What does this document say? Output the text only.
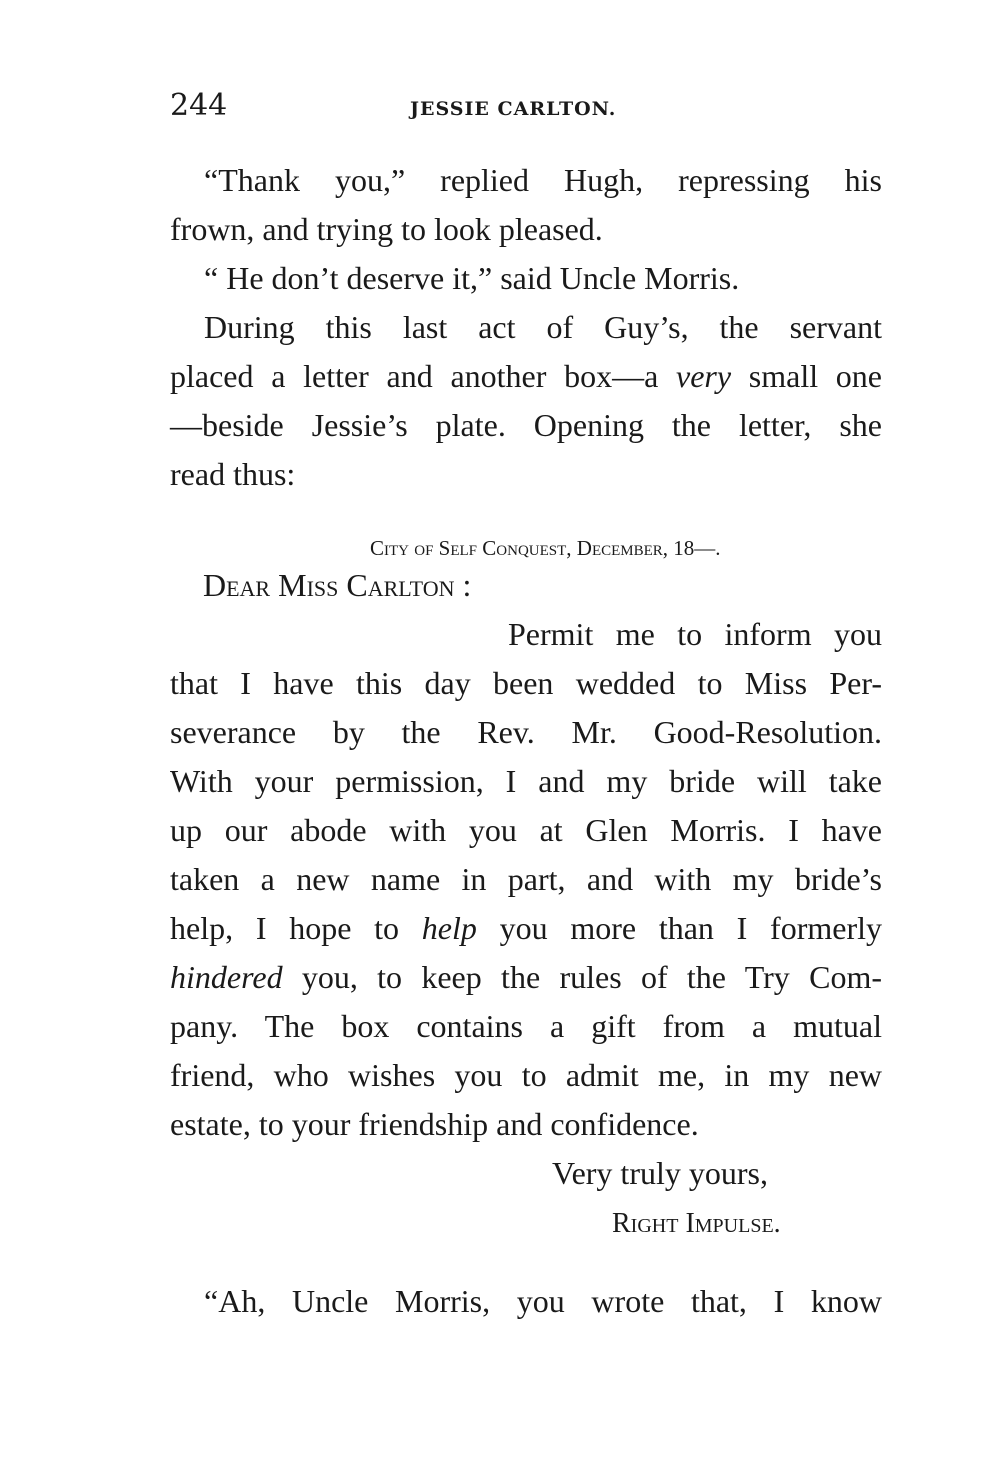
244	JESSIE CARLTON.
“Thank you,” replied Hugh, repressing his
frown, and trying to look pleased.
“ He don’t deserve it,” said Uncle Morris.
During this last act of Guy’s, the servant
placed a letter and another box—a very small one
—beside Jessie’s plate. Opening the letter, she
read thus:
City of Self Conquest, December, 18—.
Dear Miss Carlton :
Permit me to inform you
that I have this day been wedded to Miss Per-
severance by the Rev. Mr. Good-Resolution.
With your permission, I and my bride will take
up our abode with you at Glen Morris. I have
taken a new name in part, and with my bride’s
help, I hope to help you more than I formerly
hindered you, to keep the rules of the Try Com-
pany. The box contains a gift from a mutual
friend, who wishes you to admit me, in my new
estate, to your friendship and confidence.
Very truly yours,
Right Impulse.
“Ah, Uncle Morris, you wrote that, I know
